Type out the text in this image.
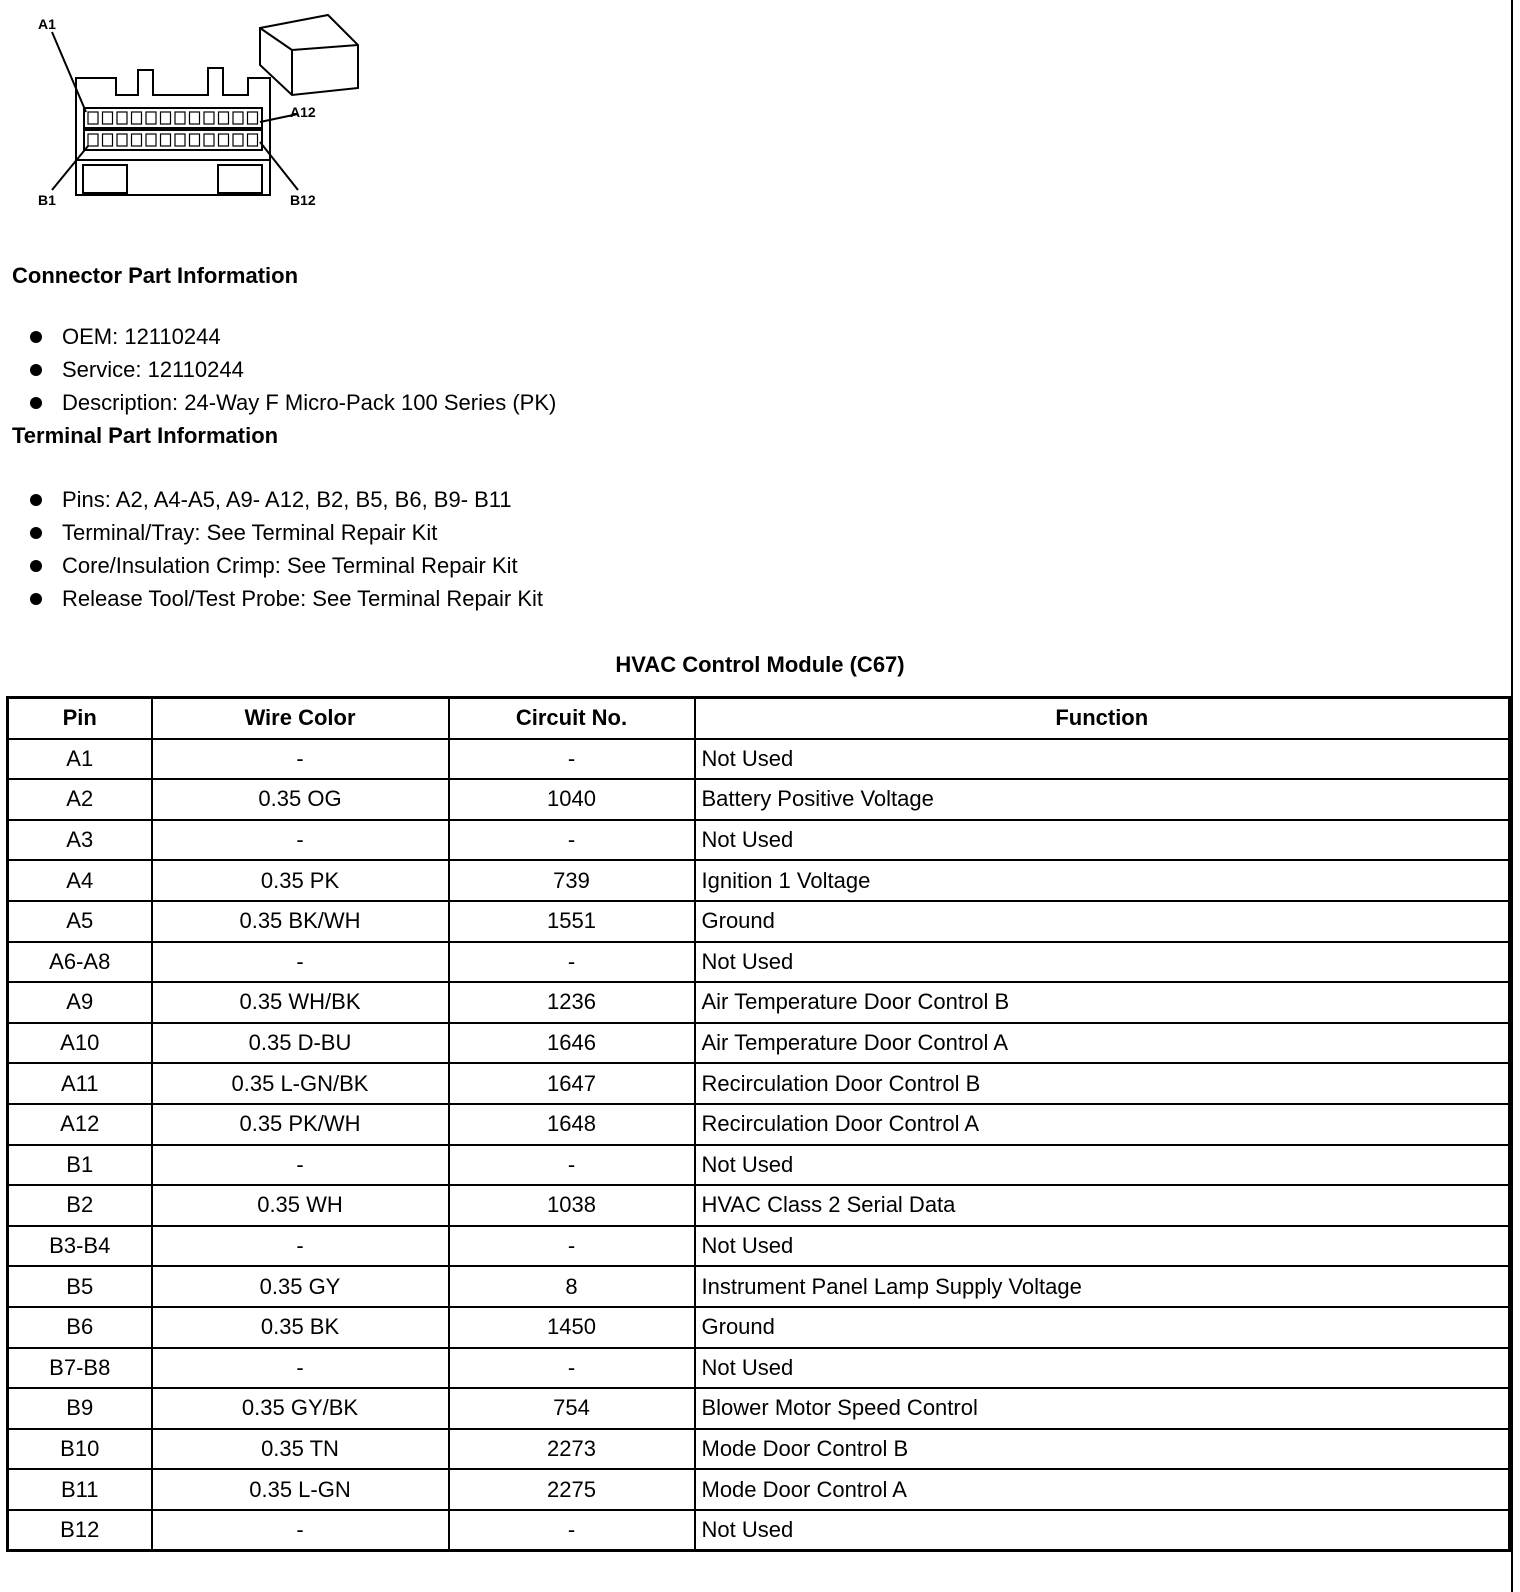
A1
A12
B1	B12
Connector Part Information
OEM: 12110244
Service: 12110244
Description: 24-Way F Micro-Pack 100 Series (PK)
Terminal Part Information
Pins: A2, A4-A5, A9- A12, B2, B5, B6, B9- B11
Terminal/Tray: See Terminal Repair Kit
Core/Insulation Crimp: See Terminal Repair Kit
Release Tool/Test Probe: See Terminal Repair Kit
HVAC Control Module (C67)
Pin	Wire Color	Circuit No.	Function
A1	-	-	Not Used
A2	0.35 OG	1040	Battery Positive Voltage
A3	-	-	Not Used
A4	0.35 PK	739	Ignition 1 Voltage
A5	0.35 BK/WH	1551	Ground
A6-A8	-	-	Not Used
A9	0.35 WH/BK	1236	Air Temperature Door Control B
A10	0.35 D-BU	1646	Air Temperature Door Control A
A11	0.35 L-GN/BK	1647	Recirculation Door Control B
A12	0.35 PK/WH	1648	Recirculation Door Control A
B1	-	-	Not Used
B2	0.35 WH	1038	HVAC Class 2 Serial Data
B3-B4	-	-	Not Used
B5	0.35 GY	8	Instrument Panel Lamp Supply Voltage
B6	0.35 BK	1450	Ground
B7-B8	-	-	Not Used
B9	0.35 GY/BK	754	Blower Motor Speed Control
B10	0.35 TN	2273	Mode Door Control B
B11	0.35 L-GN	2275	Mode Door Control A
B12	-	-	Not Used
